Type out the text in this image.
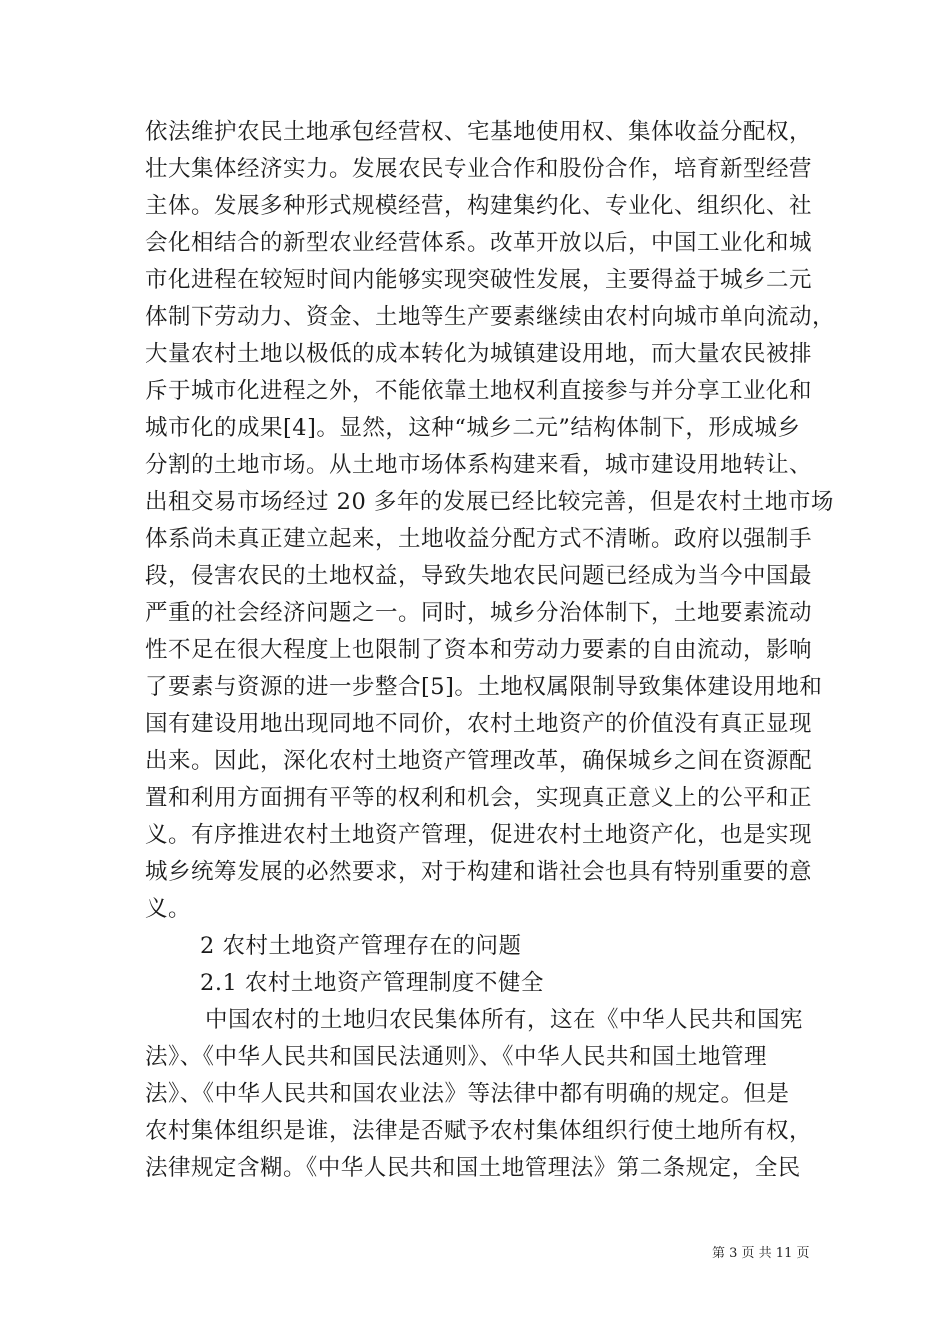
依法维护农民土地承包经营权、宅基地使用权、集体收益分配权，
壮大集体经济实力。发展农民专业合作和股份合作，培育新型经营
主体。发展多种形式规模经营，构建集约化、专业化、组织化、社
会化相结合的新型农业经营体系。改革开放以后，中国工业化和城
市化进程在较短时间内能够实现突破性发展，主要得益于城乡二元
体制下劳动力、资金、土地等生产要素继续由农村向城市单向流动，
大量农村土地以极低的成本转化为城镇建设用地，而大量农民被排
斥于城市化进程之外，不能依靠土地权利直接参与并分享工业化和
城市化的成果[4]。显然，这种“城乡二元”结构体制下，形成城乡
分割的土地市场。从土地市场体系构建来看，城市建设用地转让、
出租交易市场经过 20 多年的发展已经比较完善，但是农村土地市场
体系尚未真正建立起来，土地收益分配方式不清晰。政府以强制手
段，侵害农民的土地权益，导致失地农民问题已经成为当今中国最
严重的社会经济问题之一。同时，城乡分治体制下，土地要素流动
性不足在很大程度上也限制了资本和劳动力要素的自由流动，影响
了要素与资源的进一步整合[5]。土地权属限制导致集体建设用地和
国有建设用地出现同地不同价，农村土地资产的价值没有真正显现
出来。因此，深化农村土地资产管理改革，确保城乡之间在资源配
置和利用方面拥有平等的权利和机会，实现真正意义上的公平和正
义。有序推进农村土地资产管理，促进农村土地资产化，也是实现
城乡统筹发展的必然要求，对于构建和谐社会也具有特别重要的意
义。
2 农村土地资产管理存在的问题
2.1 农村土地资产管理制度不健全
中国农村的土地归农民集体所有，这在《中华人民共和国宪
法》、《中华人民共和国民法通则》、《中华人民共和国土地管理
法》、《中华人民共和国农业法》等法律中都有明确的规定。但是
农村集体组织是谁，法律是否赋予农村集体组织行使土地所有权，
法律规定含糊。《中华人民共和国土地管理法》第二条规定，全民
第 3 页 共 11 页
